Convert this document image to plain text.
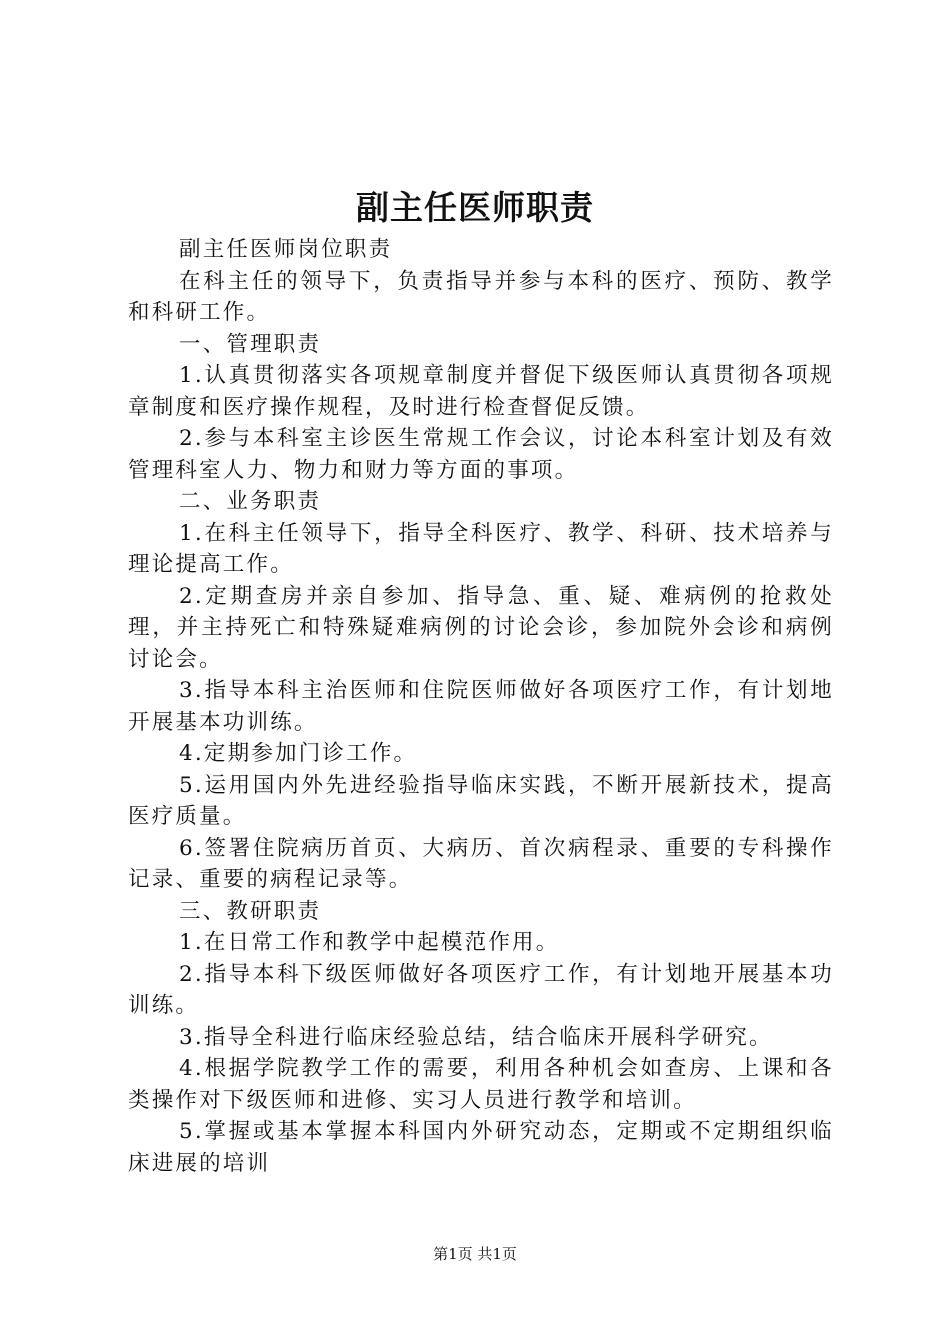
副主任医师职责

副主任医师岗位职责

在科主任的领导下，负责指导并参与本科的医疗、预防、教学和科研工作。

一、管理职责

1.认真贯彻落实各项规章制度并督促下级医师认真贯彻各项规章制度和医疗操作规程，及时进行检查督促反馈。

2.参与本科室主诊医生常规工作会议，讨论本科室计划及有效管理科室人力、物力和财力等方面的事项。

二、业务职责

1.在科主任领导下，指导全科医疗、教学、科研、技术培养与理论提高工作。

2.定期查房并亲自参加、指导急、重、疑、难病例的抢救处理，并主持死亡和特殊疑难病例的讨论会诊，参加院外会诊和病例讨论会。

3.指导本科主治医师和住院医师做好各项医疗工作，有计划地开展基本功训练。

4.定期参加门诊工作。

5.运用国内外先进经验指导临床实践，不断开展新技术，提高医疗质量。

6.签署住院病历首页、大病历、首次病程录、重要的专科操作记录、重要的病程记录等。

三、教研职责

1.在日常工作和教学中起模范作用。

2.指导本科下级医师做好各项医疗工作，有计划地开展基本功训练。

3.指导全科进行临床经验总结，结合临床开展科学研究。

4.根据学院教学工作的需要，利用各种机会如查房、上课和各类操作对下级医师和进修、实习人员进行教学和培训。

5.掌握或基本掌握本科国内外研究动态，定期或不定期组织临床进展的培训

第1页 共1页
